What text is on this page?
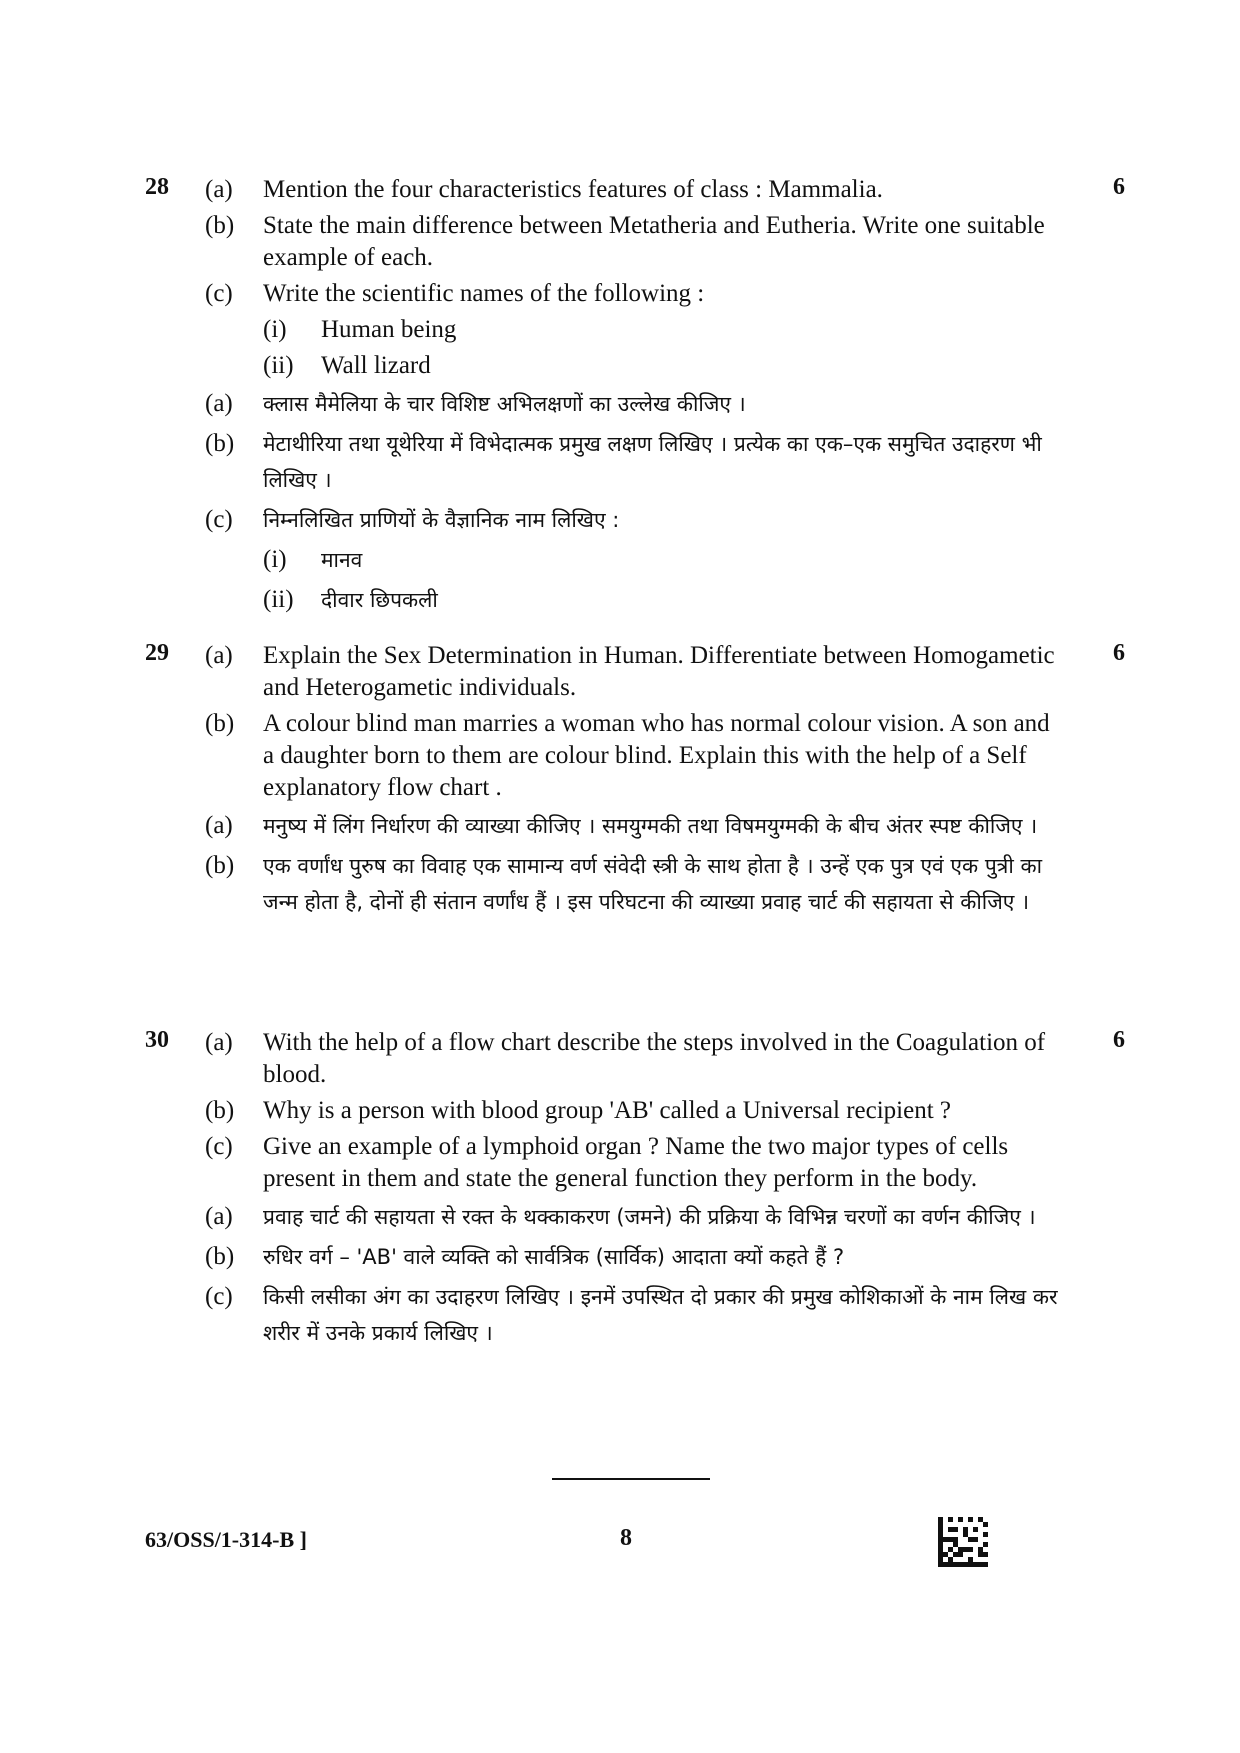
28	6
(a) Mention the four characteristics features of class : Mammalia.
(b) State the main difference between Metatheria and Eutheria. Write one suitable example of each.
(c) Write the scientific names of the following :
(i) Human being
(ii) Wall lizard
(a) क्लास मैमेलिया के चार विशिष्ट अभिलक्षणों का उल्लेख कीजिए ।
(b) मेटाथीरिया तथा यूथेरिया में विभेदात्मक प्रमुख लक्षण लिखिए । प्रत्येक का एक–एक समुचित उदाहरण भी लिखिए ।
(c) निम्नलिखित प्राणियों के वैज्ञानिक नाम लिखिए :
(i) मानव
(ii) दीवार छिपकली
29	6
(a) Explain the Sex Determination in Human. Differentiate between Homogametic and Heterogametic individuals.
(b) A colour blind man marries a woman who has normal colour vision. A son and a daughter born to them are colour blind. Explain this with the help of a Self explanatory flow chart .
(a) मनुष्य में लिंग निर्धारण की व्याख्या कीजिए । समयुग्मकी तथा विषमयुग्मकी के बीच अंतर स्पष्ट कीजिए ।
(b) एक वर्णांध पुरुष का विवाह एक सामान्य वर्ण संवेदी स्त्री के साथ होता है । उन्हें एक पुत्र एवं एक पुत्री का जन्म होता है, दोनों ही संतान वर्णांध हैं । इस परिघटना की व्याख्या प्रवाह चार्ट की सहायता से कीजिए ।
30	6
(a) With the help of a flow chart describe the steps involved in the Coagulation of blood.
(b) Why is a person with blood group 'AB' called a Universal recipient ?
(c) Give an example of a lymphoid organ ? Name the two major types of cells present in them and state the general function they perform in the body.
(a) प्रवाह चार्ट की सहायता से रक्त के थक्काकरण (जमने) की प्रक्रिया के विभिन्न चरणों का वर्णन कीजिए ।
(b) रुधिर वर्ग – 'AB' वाले व्यक्ति को सार्वत्रिक (सार्विक) आदाता क्यों कहते हैं ?
(c) किसी लसीका अंग का उदाहरण लिखिए । इनमें उपस्थित दो प्रकार की प्रमुख कोशिकाओं के नाम लिख कर शरीर में उनके प्रकार्य लिखिए ।
63/OSS/1-314-B ]	8
